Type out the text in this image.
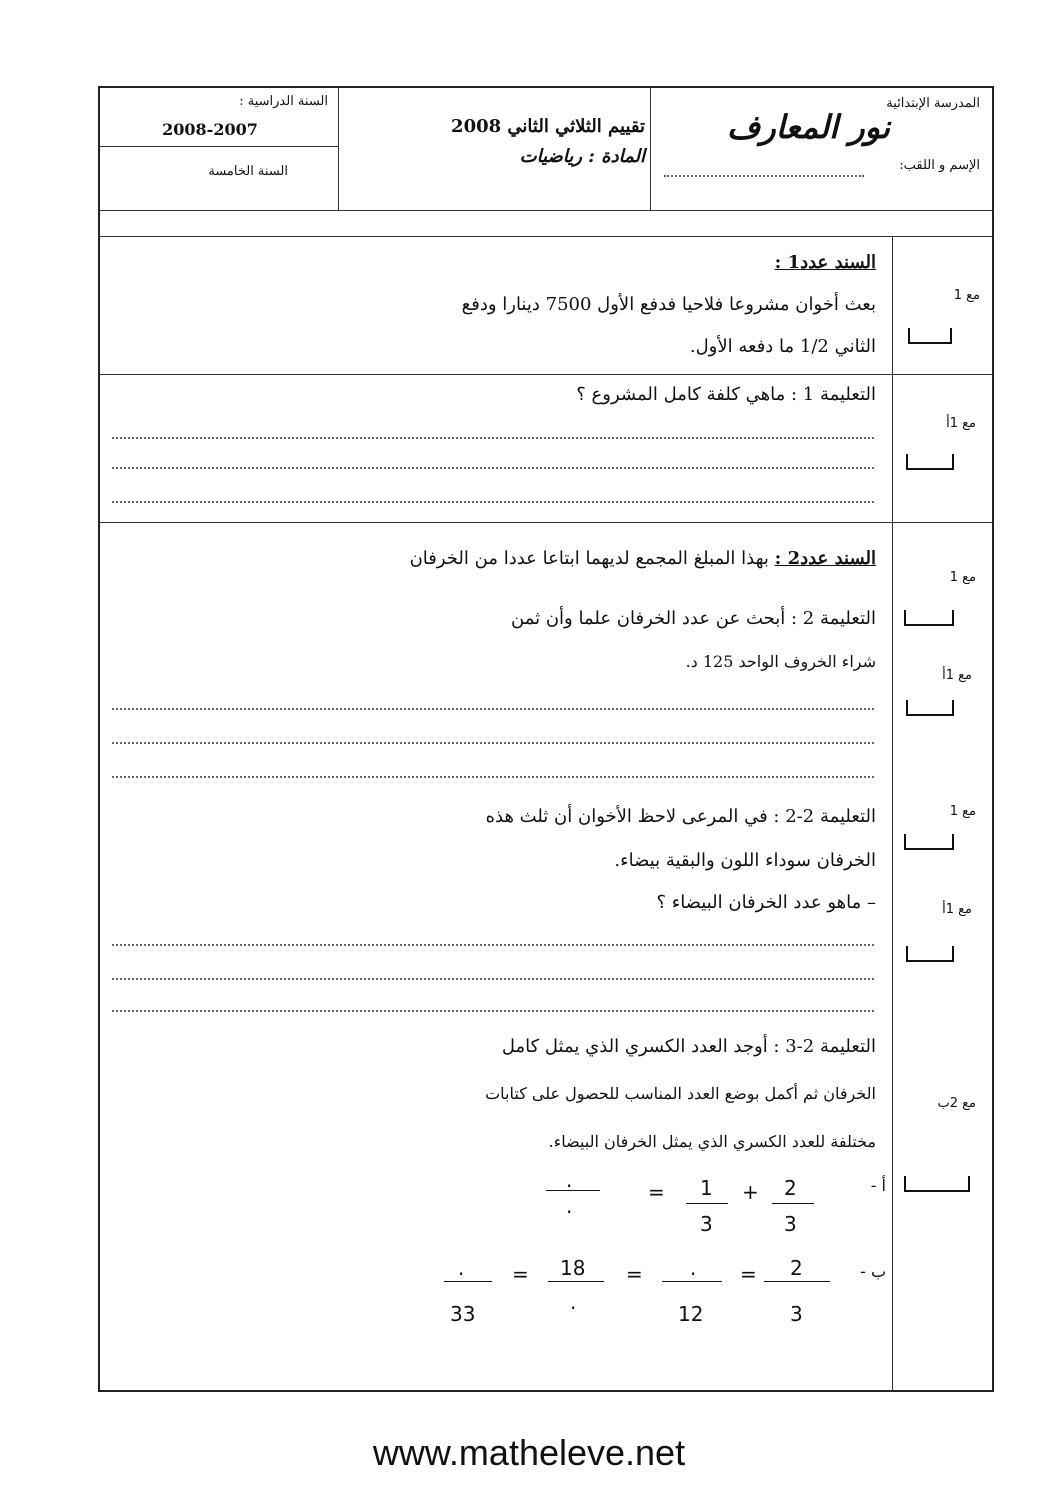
المدرسة الإبتدائية
نور المعارف
الإسم و اللقب:
تقييم الثلاثي الثاني 2008
المادة : رياضيات
السنة الدراسية :
2008-2007
السنة الخامسة
السند عدد1 :
بعث أخوان مشروعا فلاحيا فدفع الأول 7500 دينارا ودفع
الثاني 1/2 ما دفعه الأول.
مع 1
التعليمة 1 : ماهي كلفة كامل المشروع ؟
مع 1أ
السند عدد2 : بهذا المبلغ المجمع لديهما ابتاعا عددا من الخرفان
مع 1
التعليمة 2 : أبحث عن عدد الخرفان علما وأن ثمن
شراء الخروف الواحد 125 د.
مع 1أ
التعليمة 2-2 : في المرعى لاحظ الأخوان أن ثلث هذه
الخرفان سوداء اللون والبقية بيضاء.
– ماهو عدد الخرفان البيضاء ؟
مع 1
مع 1أ
التعليمة 2-3 : أوجد العدد الكسري الذي يمثل كامل
الخرفان ثم أكمل بوضع العدد المناسب للحصول على كتابات
مختلفة للعدد الكسري الذي يمثل الخرفان البيضاء.
مع 2ب
أ -
2
3
+
1
3
=
.
.
ب -
2
3
=
.
12
=
18
.
=
.
33
www.matheleve.net
